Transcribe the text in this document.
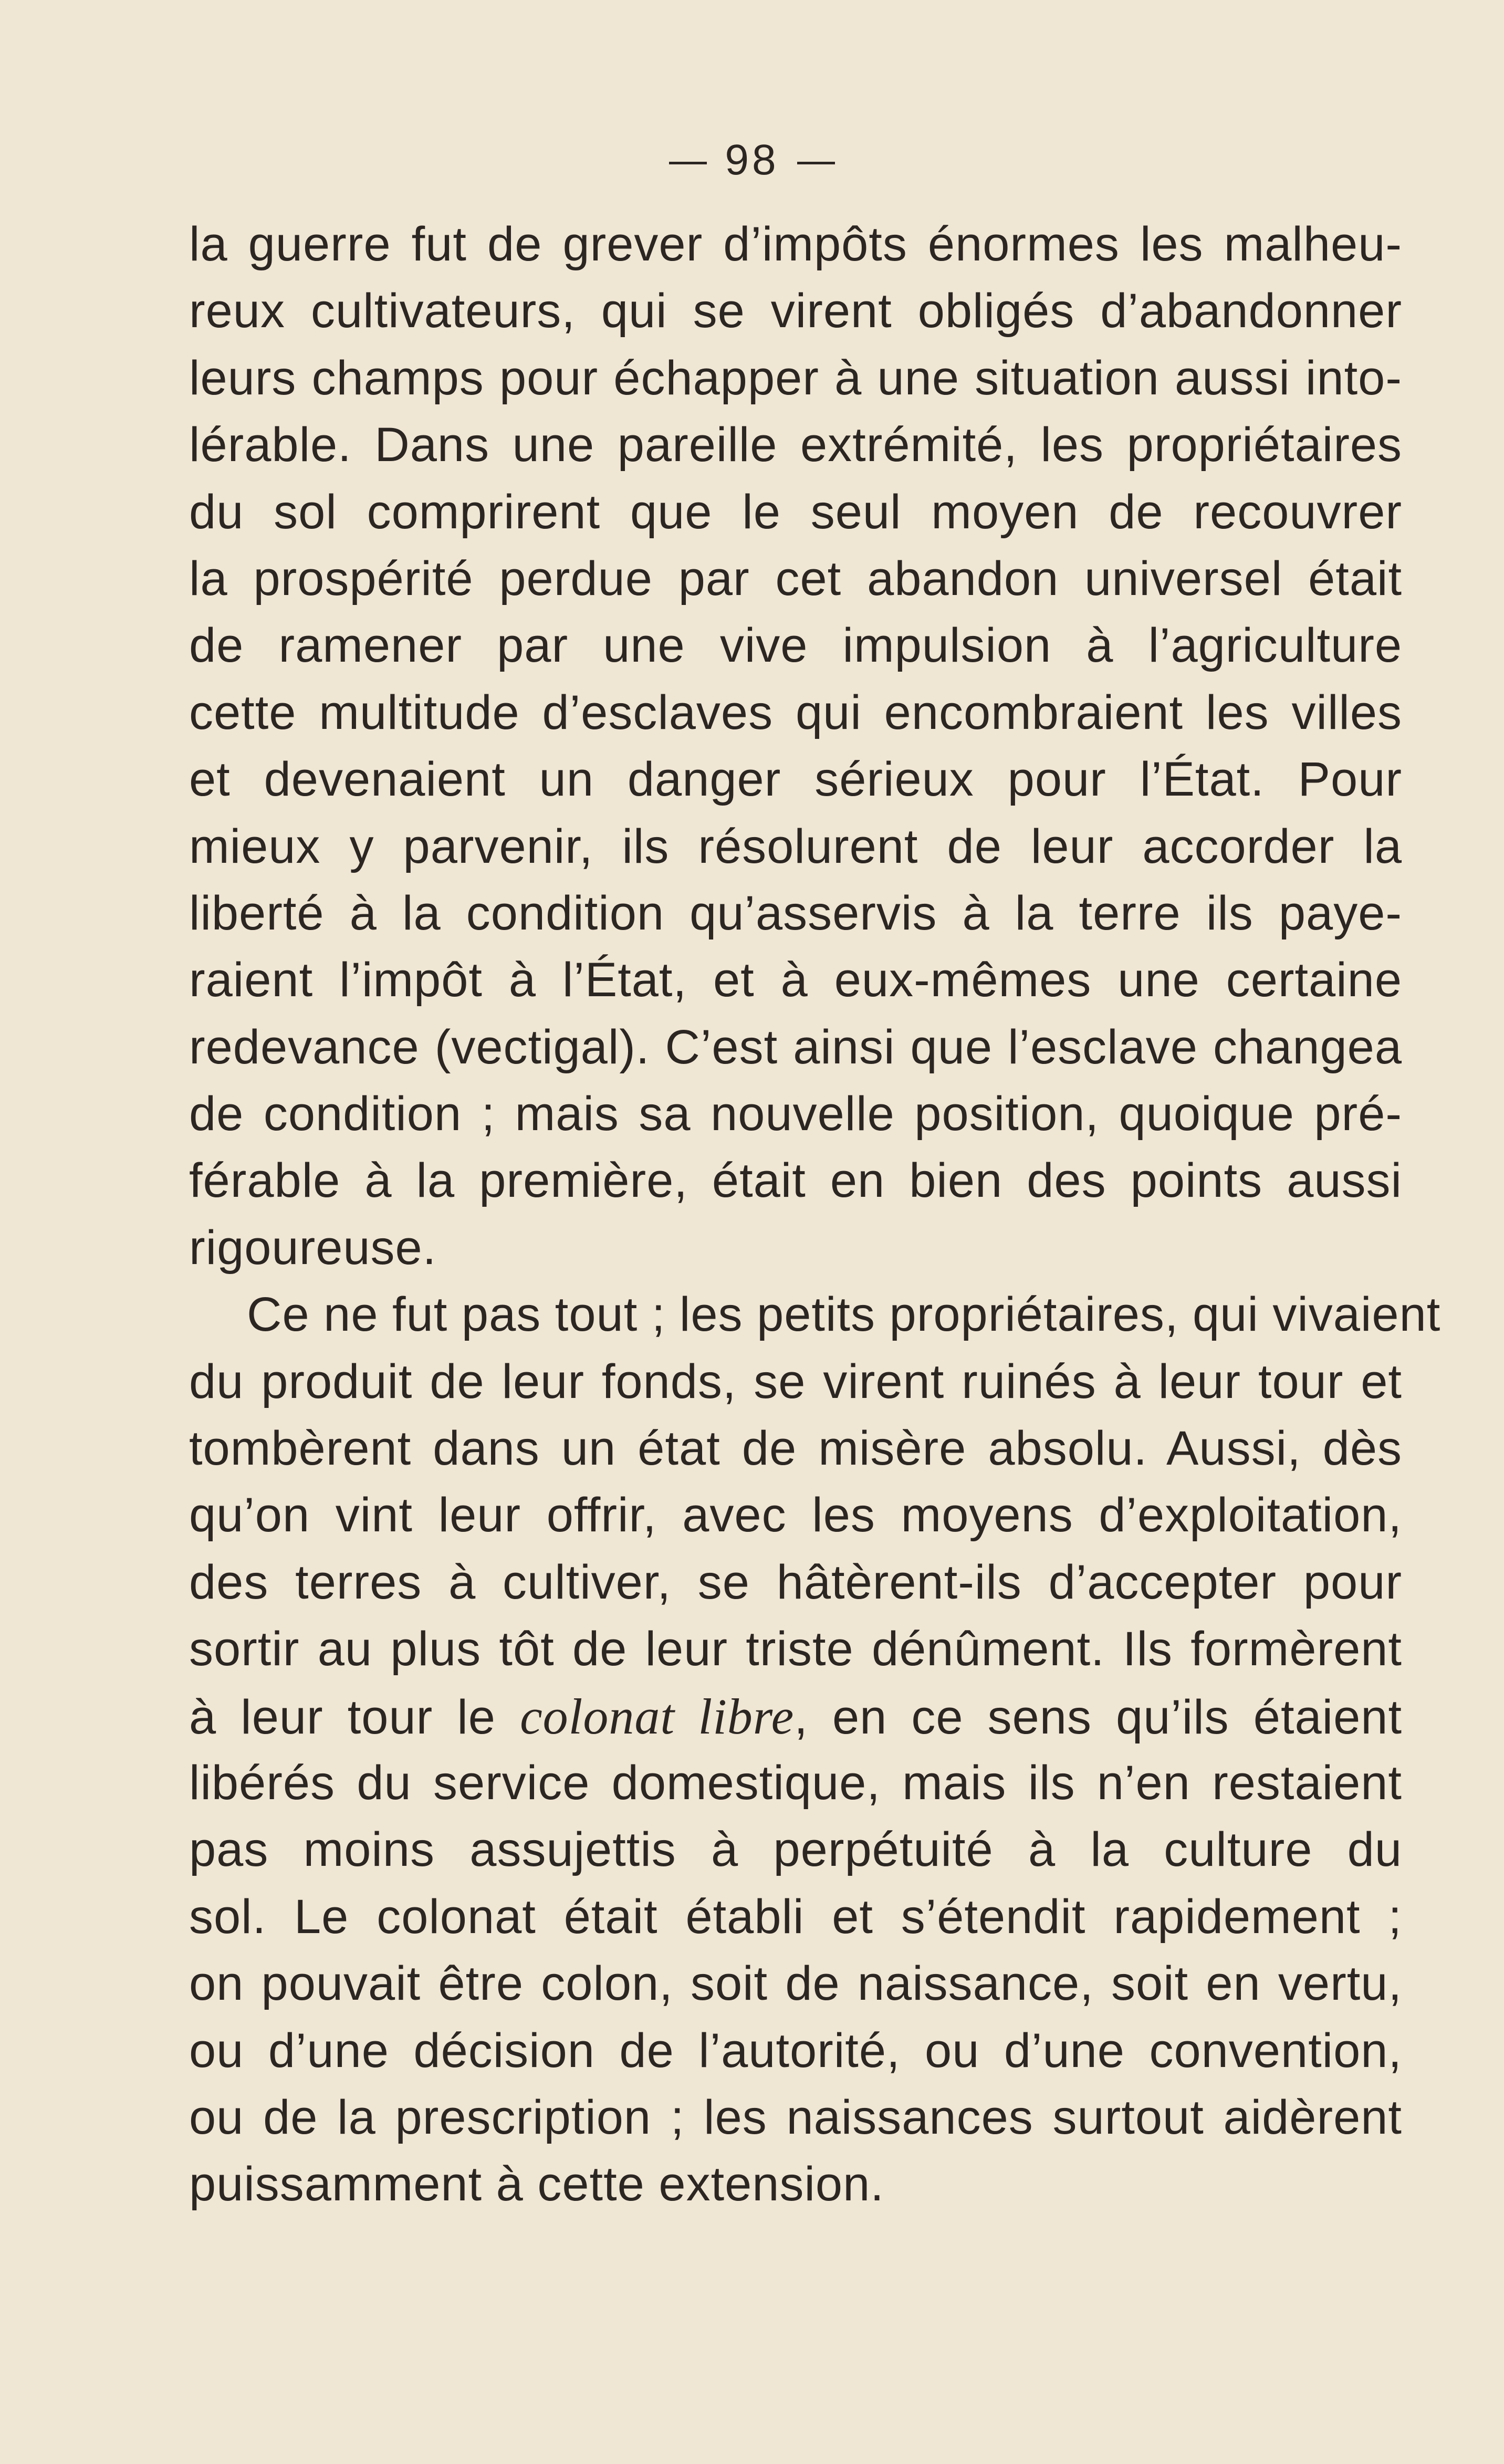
98
la guerre fut de grever d’impôts énormes les malheu-
reux cultivateurs, qui se virent obligés d’abandonner
leurs champs pour échapper à une situation aussi into-
lérable. Dans une pareille extrémité, les propriétaires
du sol comprirent que le seul moyen de recouvrer
la prospérité perdue par cet abandon universel était
de ramener par une vive impulsion à l’agriculture
cette multitude d’esclaves qui encombraient les villes
et devenaient un danger sérieux pour l’État. Pour
mieux y parvenir, ils résolurent de leur accorder la
liberté à la condition qu’asservis à la terre ils paye-
raient l’impôt à l’État, et à eux-mêmes une certaine
redevance (vectigal). C’est ainsi que l’esclave changea
de condition ; mais sa nouvelle position, quoique pré-
férable à la première, était en bien des points aussi
rigoureuse.
Ce ne fut pas tout ; les petits propriétaires, qui vivaient
du produit de leur fonds, se virent ruinés à leur tour et
tombèrent dans un état de misère absolu. Aussi, dès
qu’on vint leur offrir, avec les moyens d’exploitation,
des terres à cultiver, se hâtèrent-ils d’accepter pour
sortir au plus tôt de leur triste dénûment. Ils formèrent
à leur tour le colonat libre, en ce sens qu’ils étaient
libérés du service domestique, mais ils n’en restaient
pas moins assujettis à perpétuité à la culture du
sol. Le colonat était établi et s’étendit rapidement ;
on pouvait être colon, soit de naissance, soit en vertu,
ou d’une décision de l’autorité, ou d’une convention,
ou de la prescription ; les naissances surtout aidèrent
puissamment à cette extension.
